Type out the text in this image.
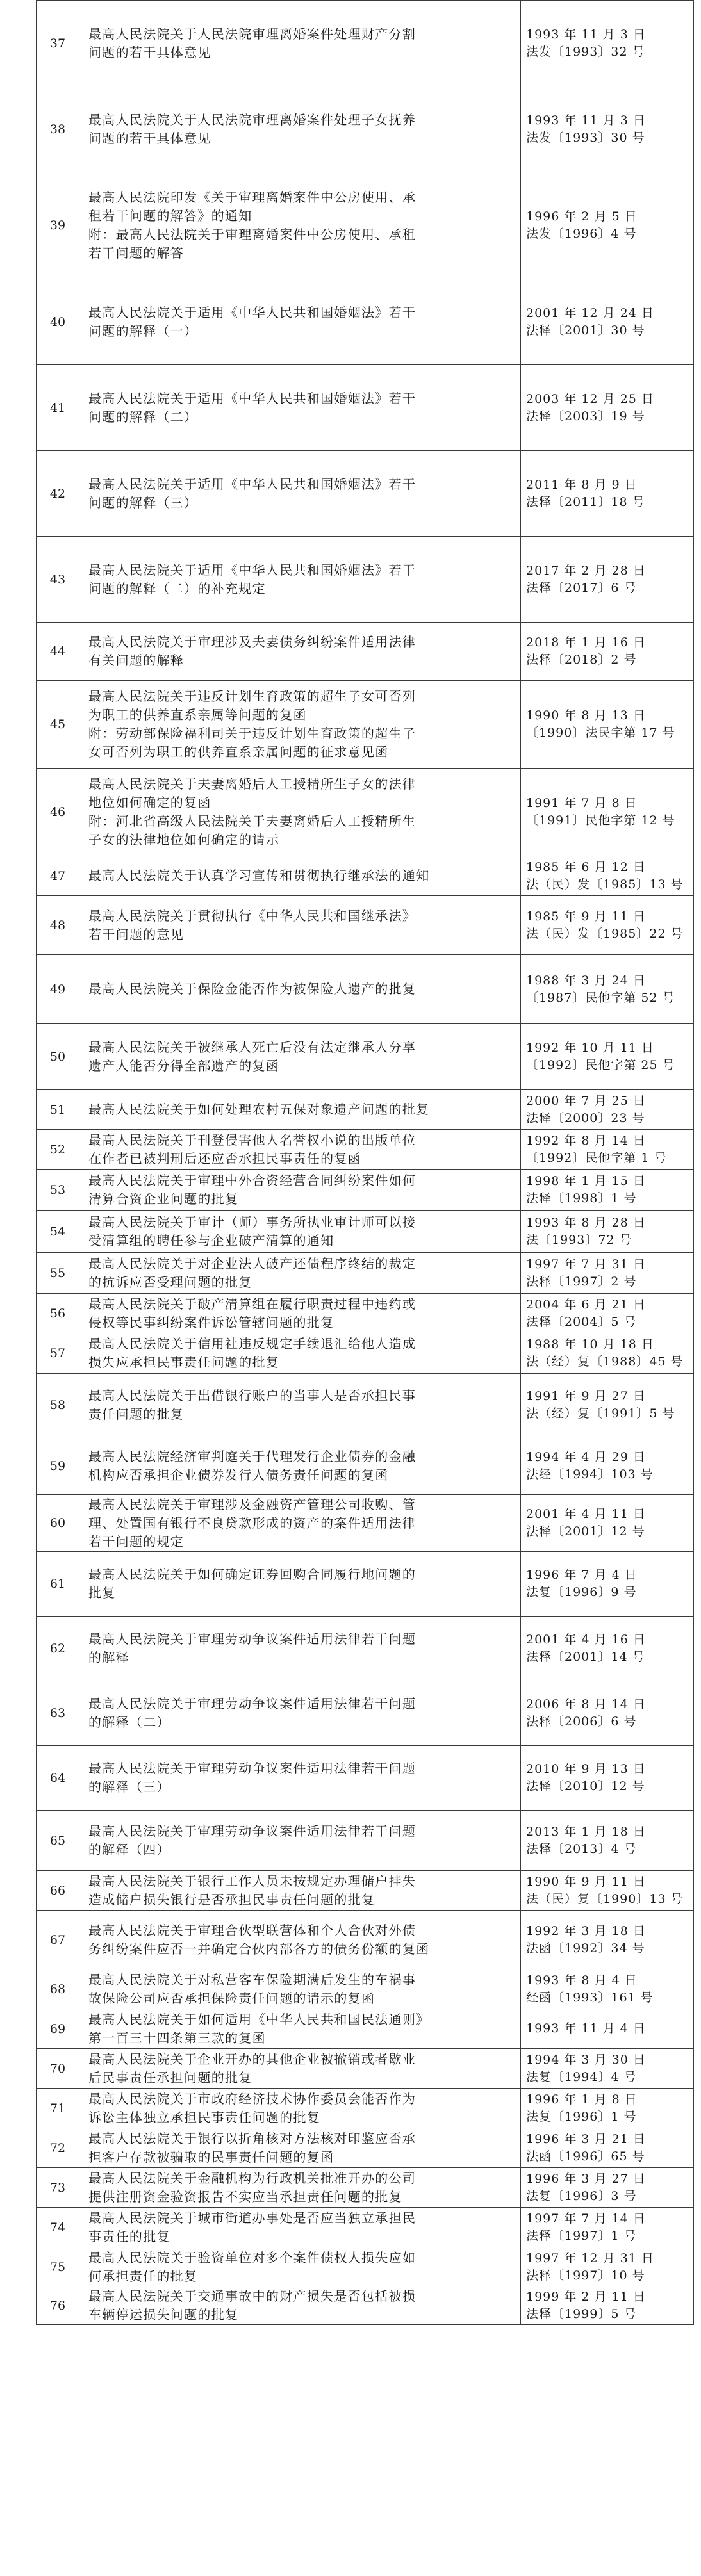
37	最高人民法院关于人民法院审理离婚案件处理财产分割
问题的若干具体意见	1993 年 11 月 3 日
法发〔1993〕32 号

38	最高人民法院关于人民法院审理离婚案件处理子女抚养
问题的若干具体意见	1993 年 11 月 3 日
法发〔1993〕30 号

39	最高人民法院印发《关于审理离婚案件中公房使用、承
租若干问题的解答》的通知
附：最高人民法院关于审理离婚案件中公房使用、承租
若干问题的解答	1996 年 2 月 5 日
法发〔1996〕4 号

40	最高人民法院关于适用《中华人民共和国婚姻法》若干
问题的解释（一）	2001 年 12 月 24 日
法释〔2001〕30 号

41	最高人民法院关于适用《中华人民共和国婚姻法》若干
问题的解释（二）	2003 年 12 月 25 日
法释〔2003〕19 号

42	最高人民法院关于适用《中华人民共和国婚姻法》若干
问题的解释（三）	2011 年 8 月 9 日
法释〔2011〕18 号

43	最高人民法院关于适用《中华人民共和国婚姻法》若干
问题的解释（二）的补充规定	2017 年 2 月 28 日
法释〔2017〕6 号

44	最高人民法院关于审理涉及夫妻债务纠纷案件适用法律
有关问题的解释	2018 年 1 月 16 日
法释〔2018〕2 号

45	最高人民法院关于违反计划生育政策的超生子女可否列
为职工的供养直系亲属等问题的复函
附：劳动部保险福利司关于违反计划生育政策的超生子
女可否列为职工的供养直系亲属问题的征求意见函	1990 年 8 月 13 日
〔1990〕法民字第 17 号

46	最高人民法院关于夫妻离婚后人工授精所生子女的法律
地位如何确定的复函
附：河北省高级人民法院关于夫妻离婚后人工授精所生
子女的法律地位如何确定的请示	1991 年 7 月 8 日
〔1991〕民他字第 12 号

47	最高人民法院关于认真学习宣传和贯彻执行继承法的通知	1985 年 6 月 12 日
法（民）发〔1985〕13 号

48	最高人民法院关于贯彻执行《中华人民共和国继承法》
若干问题的意见	1985 年 9 月 11 日
法（民）发〔1985〕22 号

49	最高人民法院关于保险金能否作为被保险人遗产的批复	1988 年 3 月 24 日
〔1987〕民他字第 52 号

50	最高人民法院关于被继承人死亡后没有法定继承人分享
遗产人能否分得全部遗产的复函	1992 年 10 月 11 日
〔1992〕民他字第 25 号

51	最高人民法院关于如何处理农村五保对象遗产问题的批复	2000 年 7 月 25 日
法释〔2000〕23 号

52	最高人民法院关于刊登侵害他人名誉权小说的出版单位
在作者已被判刑后还应否承担民事责任的复函	1992 年 8 月 14 日
〔1992〕民他字第 1 号

53	最高人民法院关于审理中外合资经营合同纠纷案件如何
清算合资企业问题的批复	1998 年 1 月 15 日
法释〔1998〕1 号

54	最高人民法院关于审计（师）事务所执业审计师可以接
受清算组的聘任参与企业破产清算的通知	1993 年 8 月 28 日
法〔1993〕72 号

55	最高人民法院关于对企业法人破产还债程序终结的裁定
的抗诉应否受理问题的批复	1997 年 7 月 31 日
法释〔1997〕2 号

56	最高人民法院关于破产清算组在履行职责过程中违约或
侵权等民事纠纷案件诉讼管辖问题的批复	2004 年 6 月 21 日
法释〔2004〕5 号

57	最高人民法院关于信用社违反规定手续退汇给他人造成
损失应承担民事责任问题的批复	1988 年 10 月 18 日
法（经）复〔1988〕45 号

58	最高人民法院关于出借银行账户的当事人是否承担民事
责任问题的批复	1991 年 9 月 27 日
法（经）复〔1991〕5 号

59	最高人民法院经济审判庭关于代理发行企业债券的金融
机构应否承担企业债券发行人债务责任问题的复函	1994 年 4 月 29 日
法经〔1994〕103 号

60	最高人民法院关于审理涉及金融资产管理公司收购、管
理、处置国有银行不良贷款形成的资产的案件适用法律
若干问题的规定	2001 年 4 月 11 日
法释〔2001〕12 号

61	最高人民法院关于如何确定证券回购合同履行地问题的
批复	1996 年 7 月 4 日
法复〔1996〕9 号

62	最高人民法院关于审理劳动争议案件适用法律若干问题
的解释	2001 年 4 月 16 日
法释〔2001〕14 号

63	最高人民法院关于审理劳动争议案件适用法律若干问题
的解释（二）	2006 年 8 月 14 日
法释〔2006〕6 号

64	最高人民法院关于审理劳动争议案件适用法律若干问题
的解释（三）	2010 年 9 月 13 日
法释〔2010〕12 号

65	最高人民法院关于审理劳动争议案件适用法律若干问题
的解释（四）	2013 年 1 月 18 日
法释〔2013〕4 号

66	最高人民法院关于银行工作人员未按规定办理储户挂失
造成储户损失银行是否承担民事责任问题的批复	1990 年 9 月 11 日
法（民）复〔1990〕13 号

67	最高人民法院关于审理合伙型联营体和个人合伙对外债
务纠纷案件应否一并确定合伙内部各方的债务份额的复函	1992 年 3 月 18 日
法函〔1992〕34 号

68	最高人民法院关于对私营客车保险期满后发生的车祸事
故保险公司应否承担保险责任问题的请示的复函	1993 年 8 月 4 日
经函〔1993〕161 号

69	最高人民法院关于如何适用《中华人民共和国民法通则》
第一百三十四条第三款的复函	1993 年 11 月 4 日

70	最高人民法院关于企业开办的其他企业被撤销或者歇业
后民事责任承担问题的批复	1994 年 3 月 30 日
法复〔1994〕4 号

71	最高人民法院关于市政府经济技术协作委员会能否作为
诉讼主体独立承担民事责任问题的批复	1996 年 1 月 8 日
法复〔1996〕1 号

72	最高人民法院关于银行以折角核对方法核对印鉴应否承
担客户存款被骗取的民事责任问题的复函	1996 年 3 月 21 日
法函〔1996〕65 号

73	最高人民法院关于金融机构为行政机关批准开办的公司
提供注册资金验资报告不实应当承担责任问题的批复	1996 年 3 月 27 日
法复〔1996〕3 号

74	最高人民法院关于城市街道办事处是否应当独立承担民
事责任的批复	1997 年 7 月 14 日
法释〔1997〕1 号

75	最高人民法院关于验资单位对多个案件债权人损失应如
何承担责任的批复	1997 年 12 月 31 日
法释〔1997〕10 号

76	最高人民法院关于交通事故中的财产损失是否包括被损
车辆停运损失问题的批复	1999 年 2 月 11 日
法释〔1999〕5 号
